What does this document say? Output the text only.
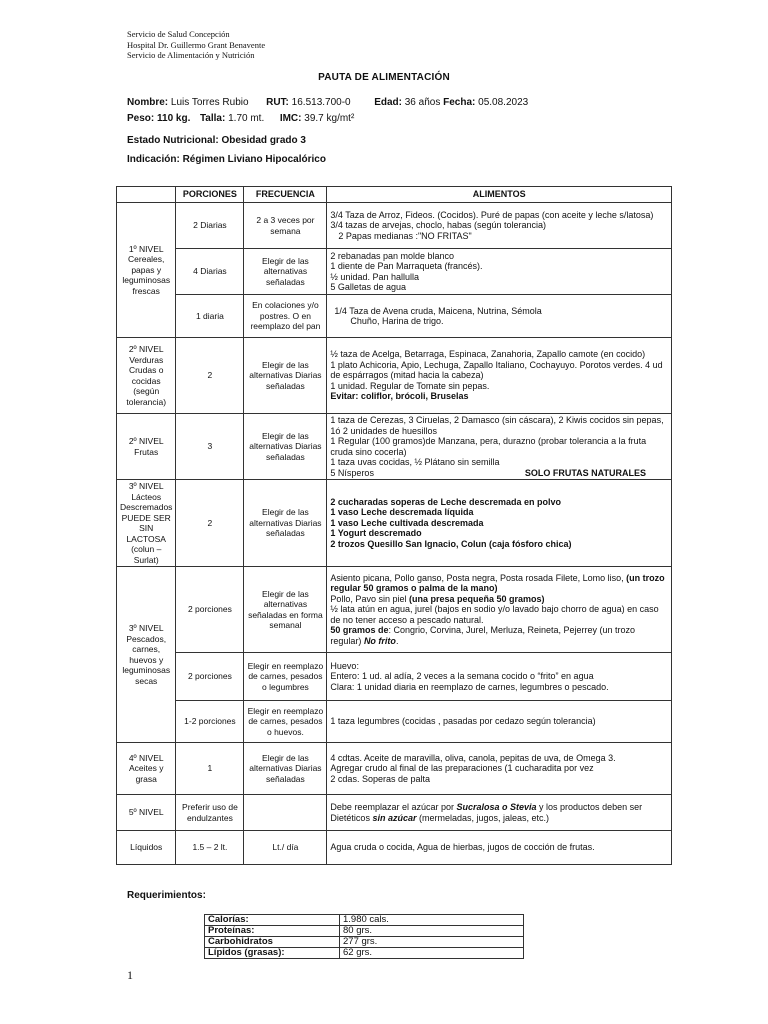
Servicio de Salud Concepción
Hospital Dr. Guillermo Grant Benavente
Servicio de Alimentación y Nutrición
PAUTA DE ALIMENTACIÓN
Nombre: Luis Torres Rubio RUT: 16.513.700-0 Edad: 36 años Fecha: 05.08.2023
Peso: 110 kg. Talla: 1.70 mt. IMC: 39.7 kg/mt²
Estado Nutricional: Obesidad grado 3
Indicación: Régimen Liviano Hipocalórico
	PORCIONES	FRECUENCIA	ALIMENTOS
1º NIVEL Cereales, papas y leguminosas frescas	2 Diarias	2 a 3 veces por semana	3/4 Taza de Arroz, Fideos. (Cocidos). Puré de papas (con aceite y leche s/latosa)
3/4 tazas de arvejas, choclo, habas (según tolerancia)
2 Papas medianas :"NO FRITAS"

	4 Diarias	Elegir de las alternativas señaladas	2 rebanadas pan molde blanco
1 diente de Pan Marraqueta (francés).
½ unidad. Pan hallulla
5 Galletas de agua

	1 diaria	En colaciones y/o postres. O en reemplazo del pan	1/4 Taza de Avena cruda, Maicena, Nutrina, Sémola
Chuño, Harina de trigo.

2º NIVEL Verduras Crudas o cocidas (según tolerancia)	2	Elegir de las alternativas Diarias señaladas	½ taza de Acelga, Betarraga, Espinaca, Zanahoria, Zapallo camote (en cocido)
1 plato Achicoria, Apio, Lechuga, Zapallo Italiano, Cochayuyo. Porotos verdes. 4 ud de espárragos (mitad hacia la cabeza)
1 unidad. Regular de Tomate sin pepas.
Evitar: coliflor, brócoli, Bruselas

2º NIVEL Frutas	3	Elegir de las alternativas Diarias señaladas	1 taza de Cerezas, 3 Ciruelas, 2 Damasco (sin cáscara), 2 Kiwis cocidos sin pepas, 1ó 2 unidades de huesillos
1 Regular (100 gramos)de Manzana, pera, durazno (probar tolerancia a la fruta cruda sino cocerla)
1 taza uvas cocidas, ½ Plátano sin semilla
5 Nísperos SOLO FRUTAS NATURALES

3º NIVEL Lácteos Descremados PUEDE SER SIN LACTOSA (colun – Surlat)	2	Elegir de las alternativas Diarias señaladas	2 cucharadas soperas de Leche descremada en polvo
1 vaso Leche descremada líquida
1 vaso Leche cultivada descremada
1 Yogurt descremado
2 trozos Quesillo San Ignacio, Colun (caja fósforo chica)

3º NIVEL Pescados, carnes, huevos y leguminosas secas	2 porciones	Elegir de las alternativas señaladas en forma semanal	Asiento picana, Pollo ganso, Posta negra, Posta rosada Filete, Lomo liso, (un trozo regular 50 gramos o palma de la mano)
Pollo, Pavo sin piel (una presa pequeña 50 gramos)
½ lata atún en agua, jurel (bajos en sodio y/o lavado bajo chorro de agua) en caso de no tener acceso a pescado natural.
50 gramos de: Congrio, Corvina, Jurel, Merluza, Reineta, Pejerrey (un trozo regular) No frito.

	2 porciones	Elegir en reemplazo de carnes, pesados o legumbres	Huevo:
Entero: 1 ud. al adía, 2 veces a la semana cocido o “frito” en agua
Clara: 1 unidad diaria en reemplazo de carnes, legumbres o pescado.

	1-2 porciones	Elegir en reemplazo de carnes, pesados o huevos.	1 taza legumbres (cocidas , pasadas por cedazo según tolerancia)
4º NIVEL Aceites y grasa	1	Elegir de las alternativas Diarias señaladas	4 cdtas. Aceite de maravilla, oliva, canola, pepitas de uva, de Omega 3.
Agregar crudo al final de las preparaciones (1 cucharadita por vez
2 cdas. Soperas de palta

5º NIVEL	Preferir uso de endulzantes		Debe reemplazar el azúcar por Sucralosa o Stevia y los productos deben ser Dietéticos sin azúcar (mermeladas, jugos, jaleas, etc.)
Líquidos	1.5 – 2 lt.	Lt./ día	Agua cruda o cocida, Agua de hierbas, jugos de cocción de frutas.
Requerimientos:
Calorías:	1.980 cals.
Proteínas:	80 grs.
Carbohidratos	277 grs.
Lípidos (grasas):	62 grs.
1
